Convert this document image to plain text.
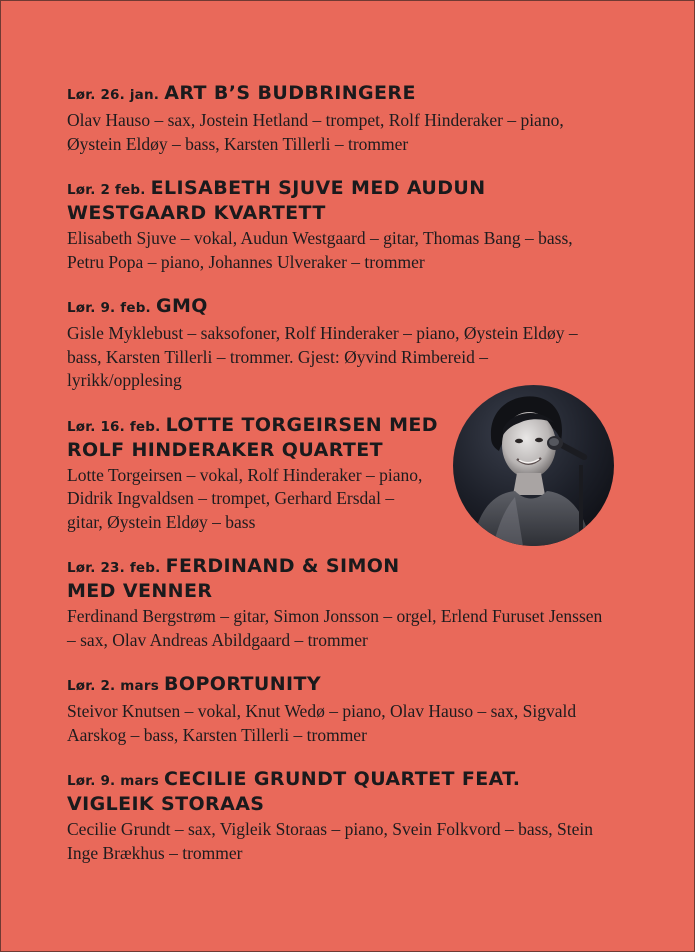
Lør. 26. jan. ART B’S BUDBRINGERE

Olav Hauso – sax, Jostein Hetland – trompet, Rolf Hinderaker – piano, Øystein Eldøy – bass, Karsten Tillerli – trommer

Lør. 2 feb. ELISABETH SJUVE MED AUDUN WESTGAARD KVARTETT

Elisabeth Sjuve – vokal, Audun Westgaard – gitar, Thomas Bang – bass, Petru Popa – piano, Johannes Ulveraker – trommer

Lør. 9. feb. GMQ

Gisle Myklebust – saksofoner, Rolf Hinderaker – piano, Øystein Eldøy – bass, Karsten Tillerli – trommer. Gjest: Øyvind Rimbereid – lyrikk/opplesing

Lør. 16. feb. LOTTE TORGEIRSEN MED ROLF HINDERAKER QUARTET

Lotte Torgeirsen – vokal, Rolf Hinderaker – piano, Didrik Ingvaldsen – trompet, Gerhard Ersdal – gitar, Øystein Eldøy – bass

Lør. 23. feb. FERDINAND & SIMON MED VENNER

Ferdinand Bergstrøm – gitar, Simon Jonsson – orgel, Erlend Furuset Jenssen – sax, Olav Andreas Abildgaard – trommer

Lør. 2. mars BOPORTUNITY

Steivor Knutsen – vokal, Knut Wedø – piano, Olav Hauso – sax, Sigvald Aarskog – bass, Karsten Tillerli – trommer

Lør. 9. mars CECILIE GRUNDT QUARTET FEAT. VIGLEIK STORAAS

Cecilie Grundt – sax, Vigleik Storaas – piano, Svein Folkvord – bass, Stein Inge Brækhus – trommer
